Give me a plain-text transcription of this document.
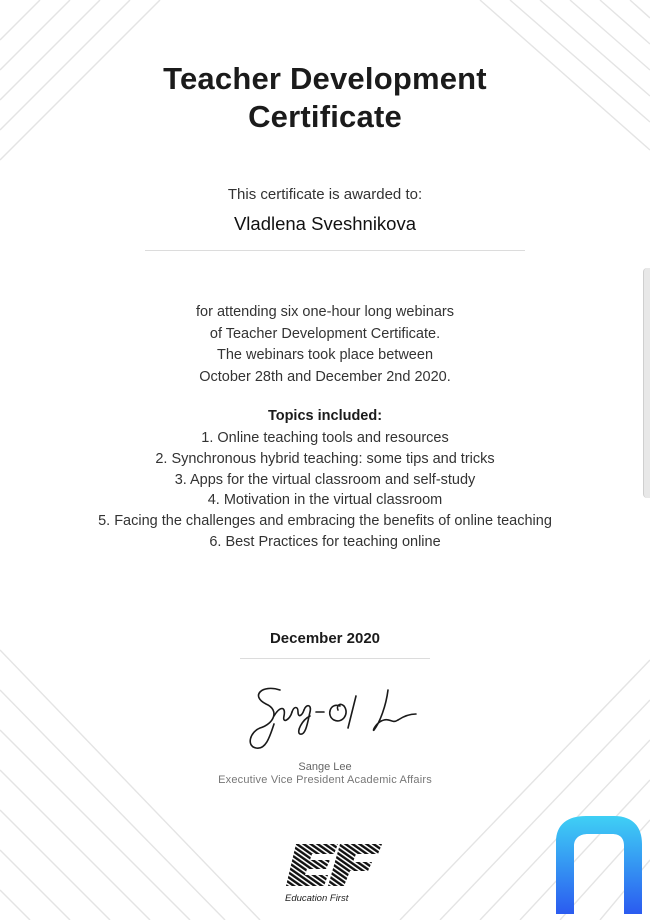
Teacher Development
Certificate
This certificate is awarded to:
Vladlena Sveshnikova
for attending six one-hour long webinars
of Teacher Development Certificate.
The webinars took place between
October 28th and December 2nd 2020.
Topics included:
1. Online teaching tools and resources
2. Synchronous hybrid teaching: some tips and tricks
3. Apps for the virtual classroom and self-study
4. Motivation in the virtual classroom
5. Facing the challenges and embracing the benefits of online teaching
6. Best Practices for teaching online
December 2020
Sange Lee
Executive Vice President Academic Affairs
Education First
